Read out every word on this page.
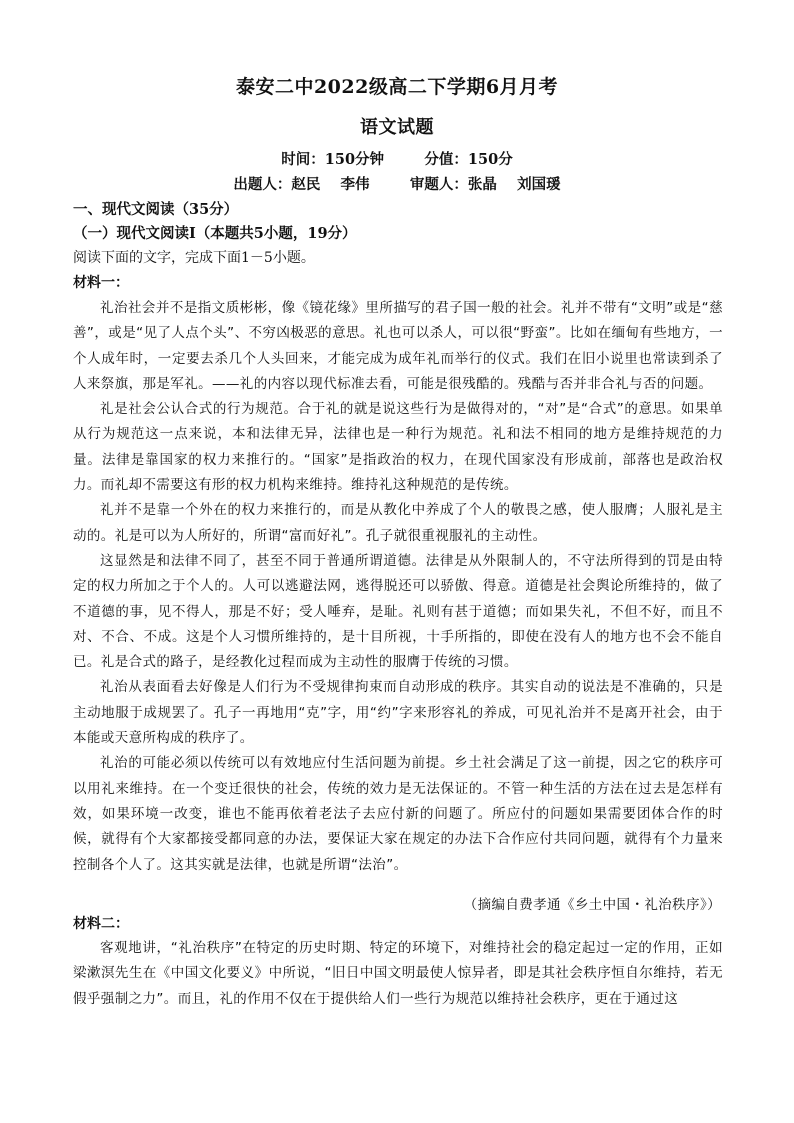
泰安二中2022级高二下学期6月月考
语文试题
时间：150分钟        分值：150分
出题人：赵民    李伟        审题人：张晶    刘国瑗
一、现代文阅读（35分）
（一）现代文阅读Ⅰ（本题共5小题，19分）
阅读下面的文字，完成下面1－5小题。
材料一：

礼治社会并不是指文质彬彬，像《镜花缘》里所描写的君子国一般的社会。礼并不带有“文明”或是“慈善”，或是“见了人点个头”、不穷凶极恶的意思。礼也可以杀人，可以很“野蛮”。比如在缅甸有些地方，一个人成年时，一定要去杀几个人头回来，才能完成为成年礼而举行的仪式。我们在旧小说里也常读到杀了人来祭旗，那是军礼。——礼的内容以现代标准去看，可能是很残酷的。残酷与否并非合礼与否的问题。

礼是社会公认合式的行为规范。合于礼的就是说这些行为是做得对的，“对”是“合式”的意思。如果单从行为规范这一点来说，本和法律无异，法律也是一种行为规范。礼和法不相同的地方是维持规范的力量。法律是靠国家的权力来推行的。“国家”是指政治的权力，在现代国家没有形成前，部落也是政治权力。而礼却不需要这有形的权力机构来维持。维持礼这种规范的是传统。

礼并不是靠一个外在的权力来推行的，而是从教化中养成了个人的敬畏之感，使人服膺；人服礼是主动的。礼是可以为人所好的，所谓“富而好礼”。孔子就很重视服礼的主动性。

这显然是和法律不同了，甚至不同于普通所谓道德。法律是从外限制人的，不守法所得到的罚是由特定的权力所加之于个人的。人可以逃避法网，逃得脱还可以骄傲、得意。道德是社会舆论所维持的，做了不道德的事，见不得人，那是不好；受人唾弃，是耻。礼则有甚于道德；而如果失礼，不但不好，而且不对、不合、不成。这是个人习惯所维持的，是十目所视，十手所指的，即使在没有人的地方也不会不能自已。礼是合式的路子，是经教化过程而成为主动性的服膺于传统的习惯。

礼治从表面看去好像是人们行为不受规律拘束而自动形成的秩序。其实自动的说法是不准确的，只是主动地服于成规罢了。孔子一再地用“克”字，用“约”字来形容礼的养成，可见礼治并不是离开社会，由于本能或天意所构成的秩序了。

礼治的可能必须以传统可以有效地应付生活问题为前提。乡土社会满足了这一前提，因之它的秩序可以用礼来维持。在一个变迁很快的社会，传统的效力是无法保证的。不管一种生活的方法在过去是怎样有效，如果环境一改变，谁也不能再依着老法子去应付新的问题了。所应付的问题如果需要团体合作的时候，就得有个大家都接受都同意的办法，要保证大家在规定的办法下合作应付共同问题，就得有个力量来控制各个人了。这其实就是法律，也就是所谓“法治”。

（摘编自费孝通《乡土中国・礼治秩序》）
材料二：

客观地讲，“礼治秩序”在特定的历史时期、特定的环境下，对维持社会的稳定起过一定的作用，正如梁漱溟先生在《中国文化要义》中所说，“旧日中国文明最使人惊异者，即是其社会秩序恒自尔维持，若无假乎强制之力”。而且，礼的作用不仅在于提供给人们一些行为规范以维持社会秩序，更在于通过这
